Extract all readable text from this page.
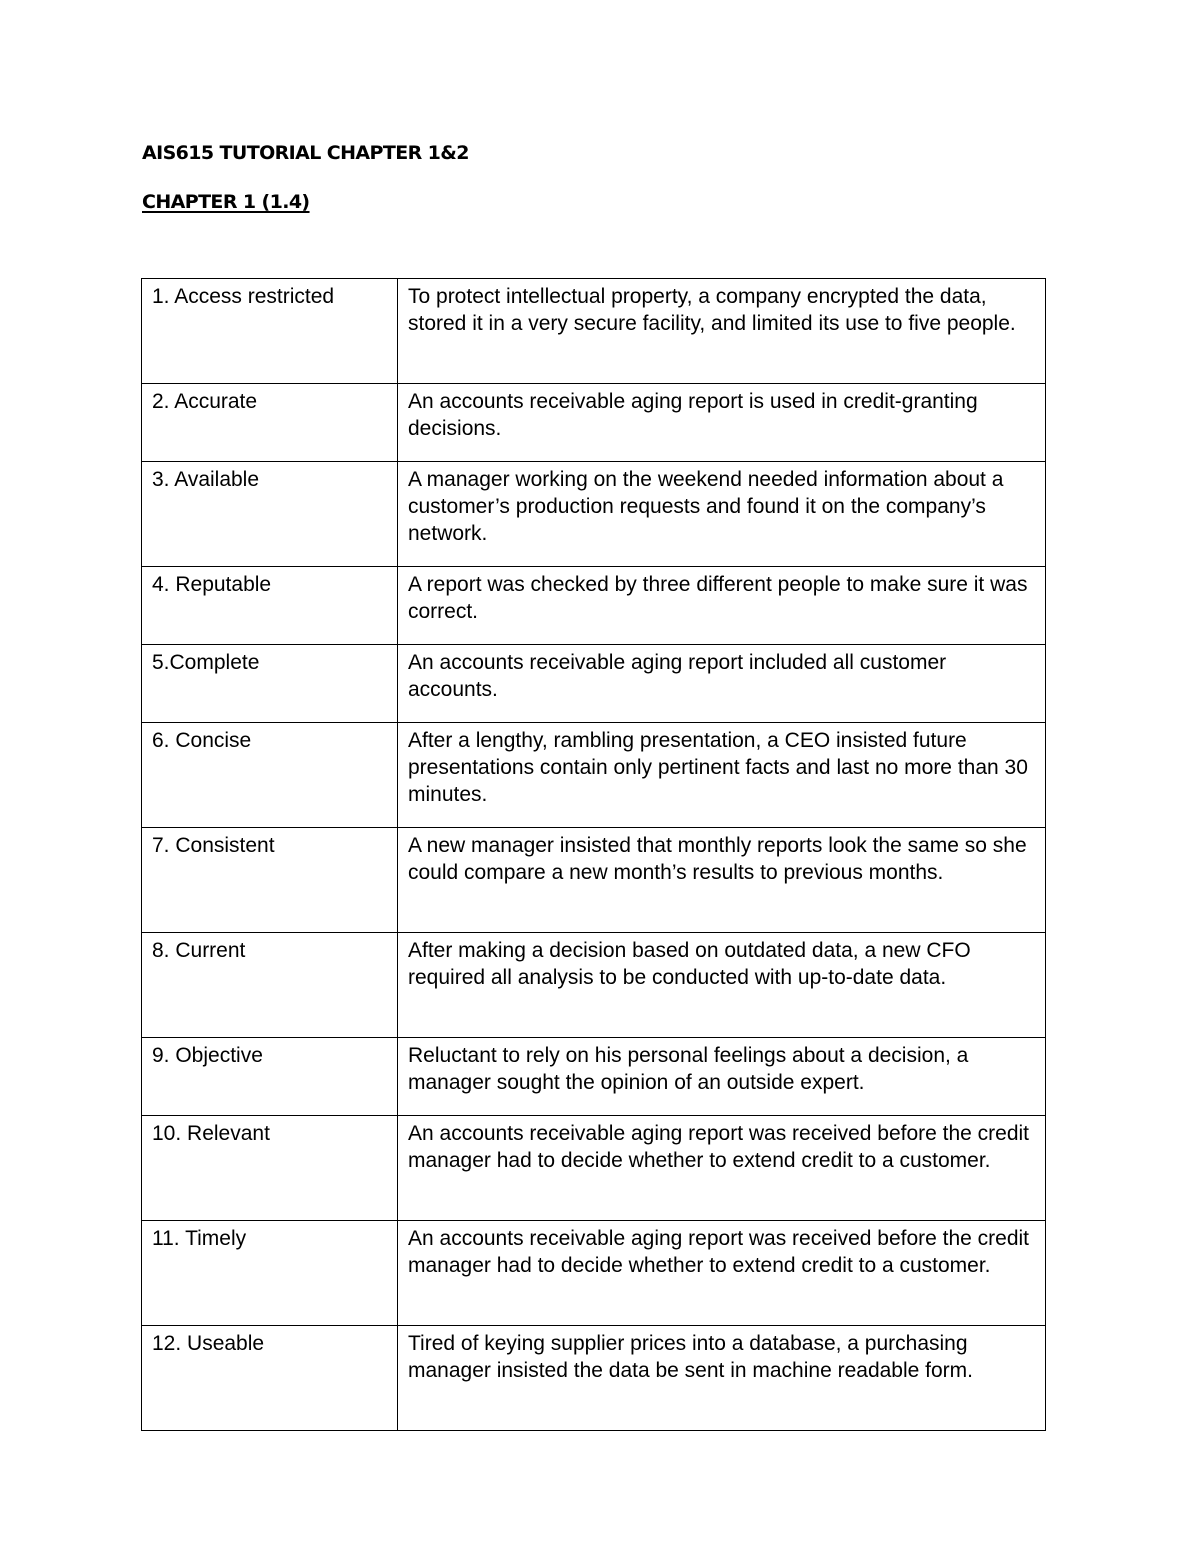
AIS615 TUTORIAL CHAPTER 1&2
CHAPTER 1 (1.4)
1. Access restricted	To protect intellectual property, a company encrypted the data, stored it in a very secure facility, and limited its use to five people.
2. Accurate	An accounts receivable aging report is used in credit-granting decisions.
3. Available	A manager working on the weekend needed information about a customer’s production requests and found it on the company’s network.
4. Reputable	A report was checked by three different people to make sure it was correct.
5.Complete	An accounts receivable aging report included all customer accounts.
6. Concise	After a lengthy, rambling presentation, a CEO insisted future presentations contain only pertinent facts and last no more than 30 minutes.
7. Consistent	A new manager insisted that monthly reports look the same so she could compare a new month’s results to previous months.
8. Current	After making a decision based on outdated data, a new CFO required all analysis to be conducted with up-to-date data.
9. Objective	Reluctant to rely on his personal feelings about a decision, a manager sought the opinion of an outside expert.
10. Relevant	An accounts receivable aging report was received before the credit manager had to decide whether to extend credit to a customer.
11. Timely	An accounts receivable aging report was received before the credit manager had to decide whether to extend credit to a customer.
12. Useable	Tired of keying supplier prices into a database, a purchasing manager insisted the data be sent in machine readable form.
